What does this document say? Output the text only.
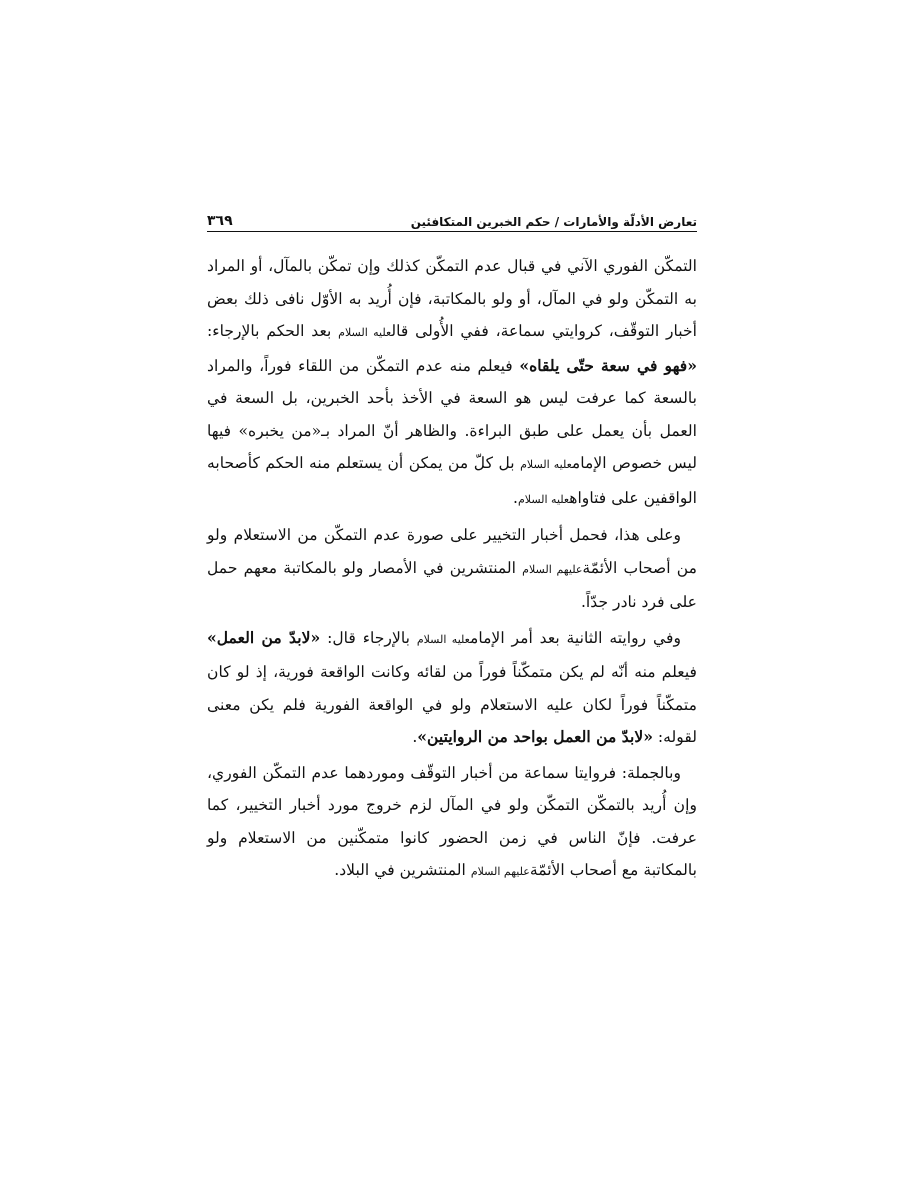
تعارض الأدلّة والأمارات / حكم الخبرين المتكافئين
٣٦٩

التمكّن الفوري الآني في قبال عدم التمكّن كذلك وإن تمكّن بالمآل، أو المراد به التمكّن ولو في المآل، أو ولو بالمكاتبة، فإن أُريد به الأوّل نافى ذلك بعض أخبار التوقّف، كروايتي سماعة، ففي الأُولى قالعليه السلام بعد الحكم بالإرجاء: «فهو في سعة حتّى يلقاه» فيعلم منه عدم التمكّن من اللقاء فوراً، والمراد بالسعة كما عرفت ليس هو السعة في الأخذ بأحد الخبرين، بل السعة في العمل بأن يعمل على طبق البراءة. والظاهر أنّ المراد بـ«من يخبره» فيها ليس خصوص الإمامعليه السلام بل كلّ من يمكن أن يستعلم منه الحكم كأصحابه الواقفين على فتاواهعليه السلام.

وعلى هذا، فحمل أخبار التخيير على صورة عدم التمكّن من الاستعلام ولو من أصحاب الأئمّةعليهم السلام المنتشرين في الأمصار ولو بالمكاتبة معهم حمل على فرد نادر جدّاً.

وفي روايته الثانية بعد أمر الإمامعليه السلام بالإرجاء قال: «لابدّ من العمل» فيعلم منه أنّه لم يكن متمكّناً فوراً من لقائه وكانت الواقعة فورية، إذ لو كان متمكّناً فوراً لكان عليه الاستعلام ولو في الواقعة الفورية فلم يكن معنى لقوله: «لابدّ من العمل بواحد من الروايتين».

وبالجملة: فروايتا سماعة من أخبار التوقّف وموردهما عدم التمكّن الفوري، وإن أُريد بالتمكّن التمكّن ولو في المآل لزم خروج مورد أخبار التخيير، كما عرفت. فإنّ الناس في زمن الحضور كانوا متمكّنين من الاستعلام ولو بالمكاتبة مع أصحاب الأئمّةعليهم السلام المنتشرين في البلاد.
